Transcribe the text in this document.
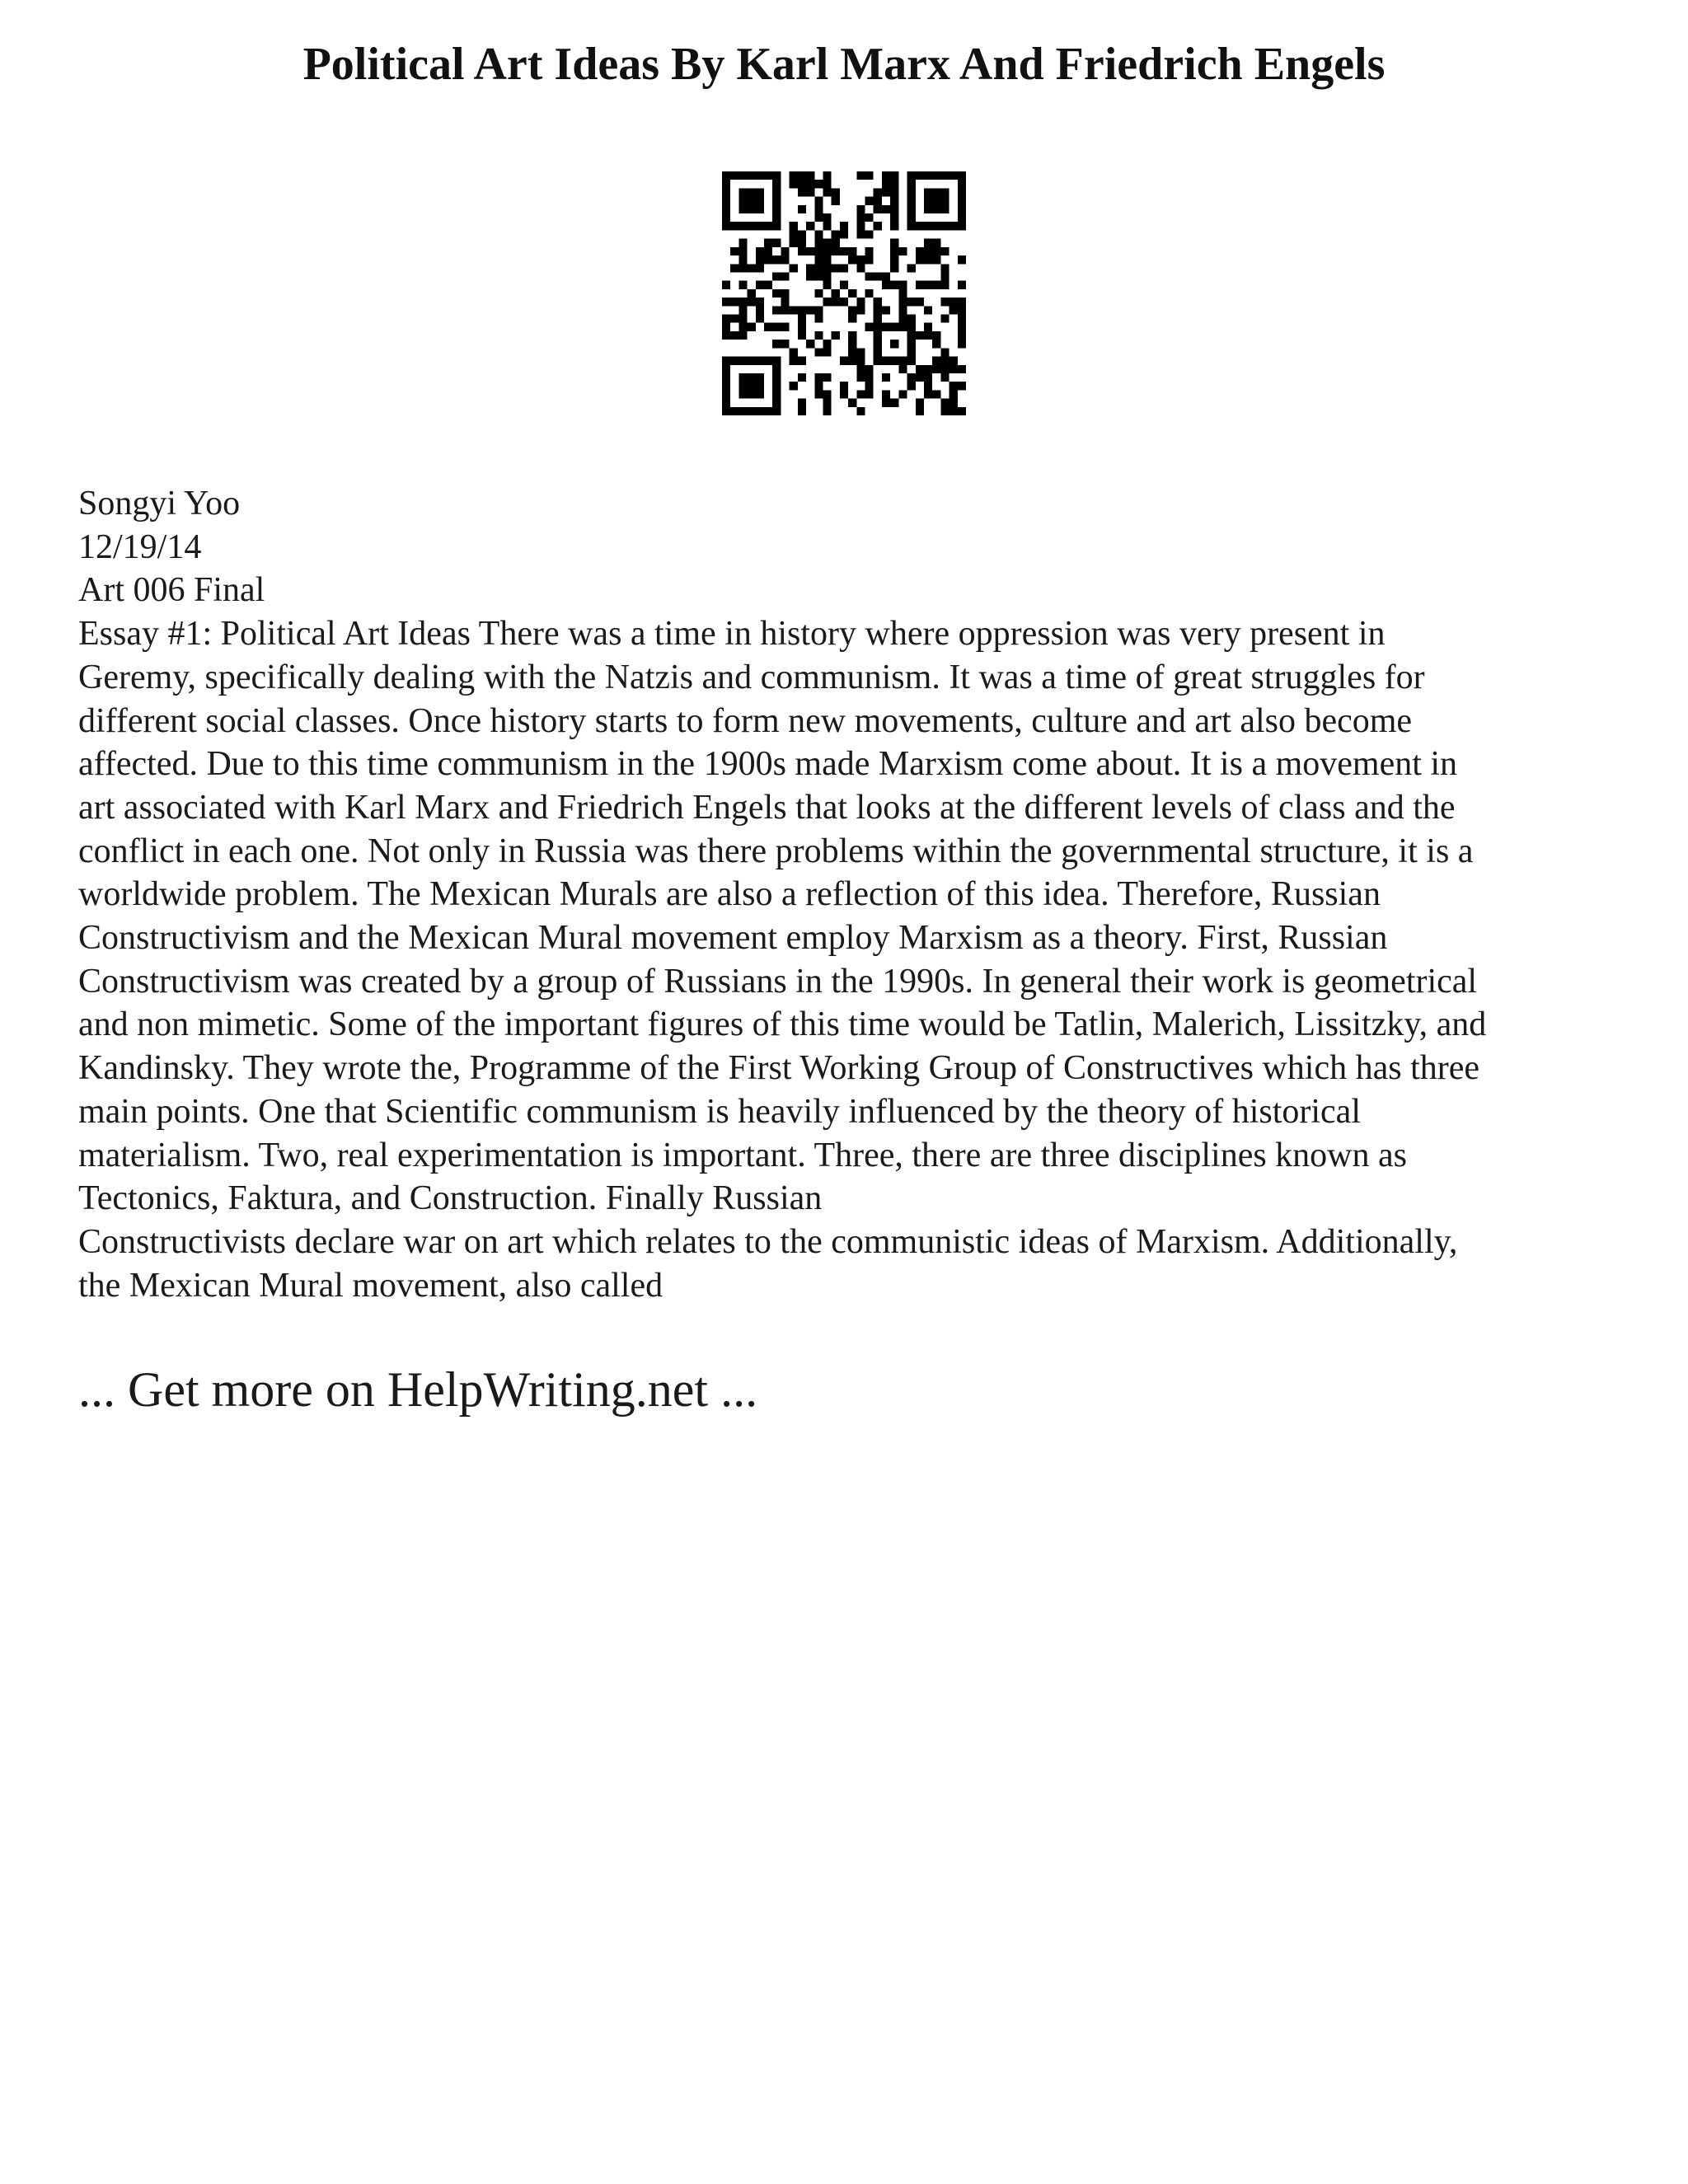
Political Art Ideas By Karl Marx And Friedrich Engels
Songyi Yoo
12/19/14
Art 006 Final
Essay #1: Political Art Ideas There was a time in history where oppression was very present in
Geremy, specifically dealing with the Natzis and communism. It was a time of great struggles for
different social classes. Once history starts to form new movements, culture and art also become
affected. Due to this time communism in the 1900s made Marxism come about. It is a movement in
art associated with Karl Marx and Friedrich Engels that looks at the different levels of class and the
conflict in each one. Not only in Russia was there problems within the governmental structure, it is a
worldwide problem. The Mexican Murals are also a reflection of this idea. Therefore, Russian
Constructivism and the Mexican Mural movement employ Marxism as a theory. First, Russian
Constructivism was created by a group of Russians in the 1990s. In general their work is geometrical
and non mimetic. Some of the important figures of this time would be Tatlin, Malerich, Lissitzky, and
Kandinsky. They wrote the, Programme of the First Working Group of Constructives which has three
main points. One that Scientific communism is heavily influenced by the theory of historical
materialism. Two, real experimentation is important. Three, there are three disciplines known as
Tectonics, Faktura, and Construction. Finally Russian
Constructivists declare war on art which relates to the communistic ideas of Marxism. Additionally,
the Mexican Mural movement, also called
... Get more on HelpWriting.net ...
